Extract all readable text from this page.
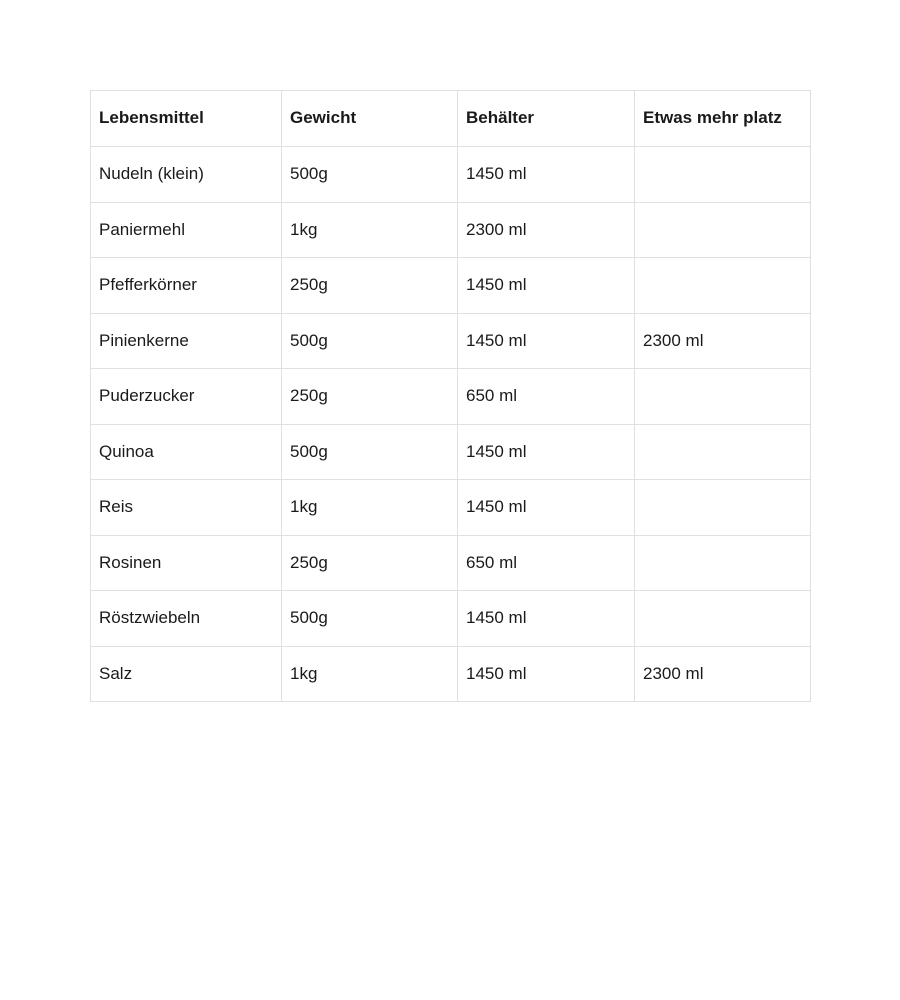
Lebensmittel	Gewicht	Behälter	Etwas mehr platz
Nudeln (klein)	500g	1450 ml	
Paniermehl	1kg	2300 ml	
Pfefferkörner	250g	1450 ml	
Pinienkerne	500g	1450 ml	2300 ml
Puderzucker	250g	650 ml	
Quinoa	500g	1450 ml	
Reis	1kg	1450 ml	
Rosinen	250g	650 ml	
Röstzwiebeln	500g	1450 ml	
Salz	1kg	1450 ml	2300 ml
